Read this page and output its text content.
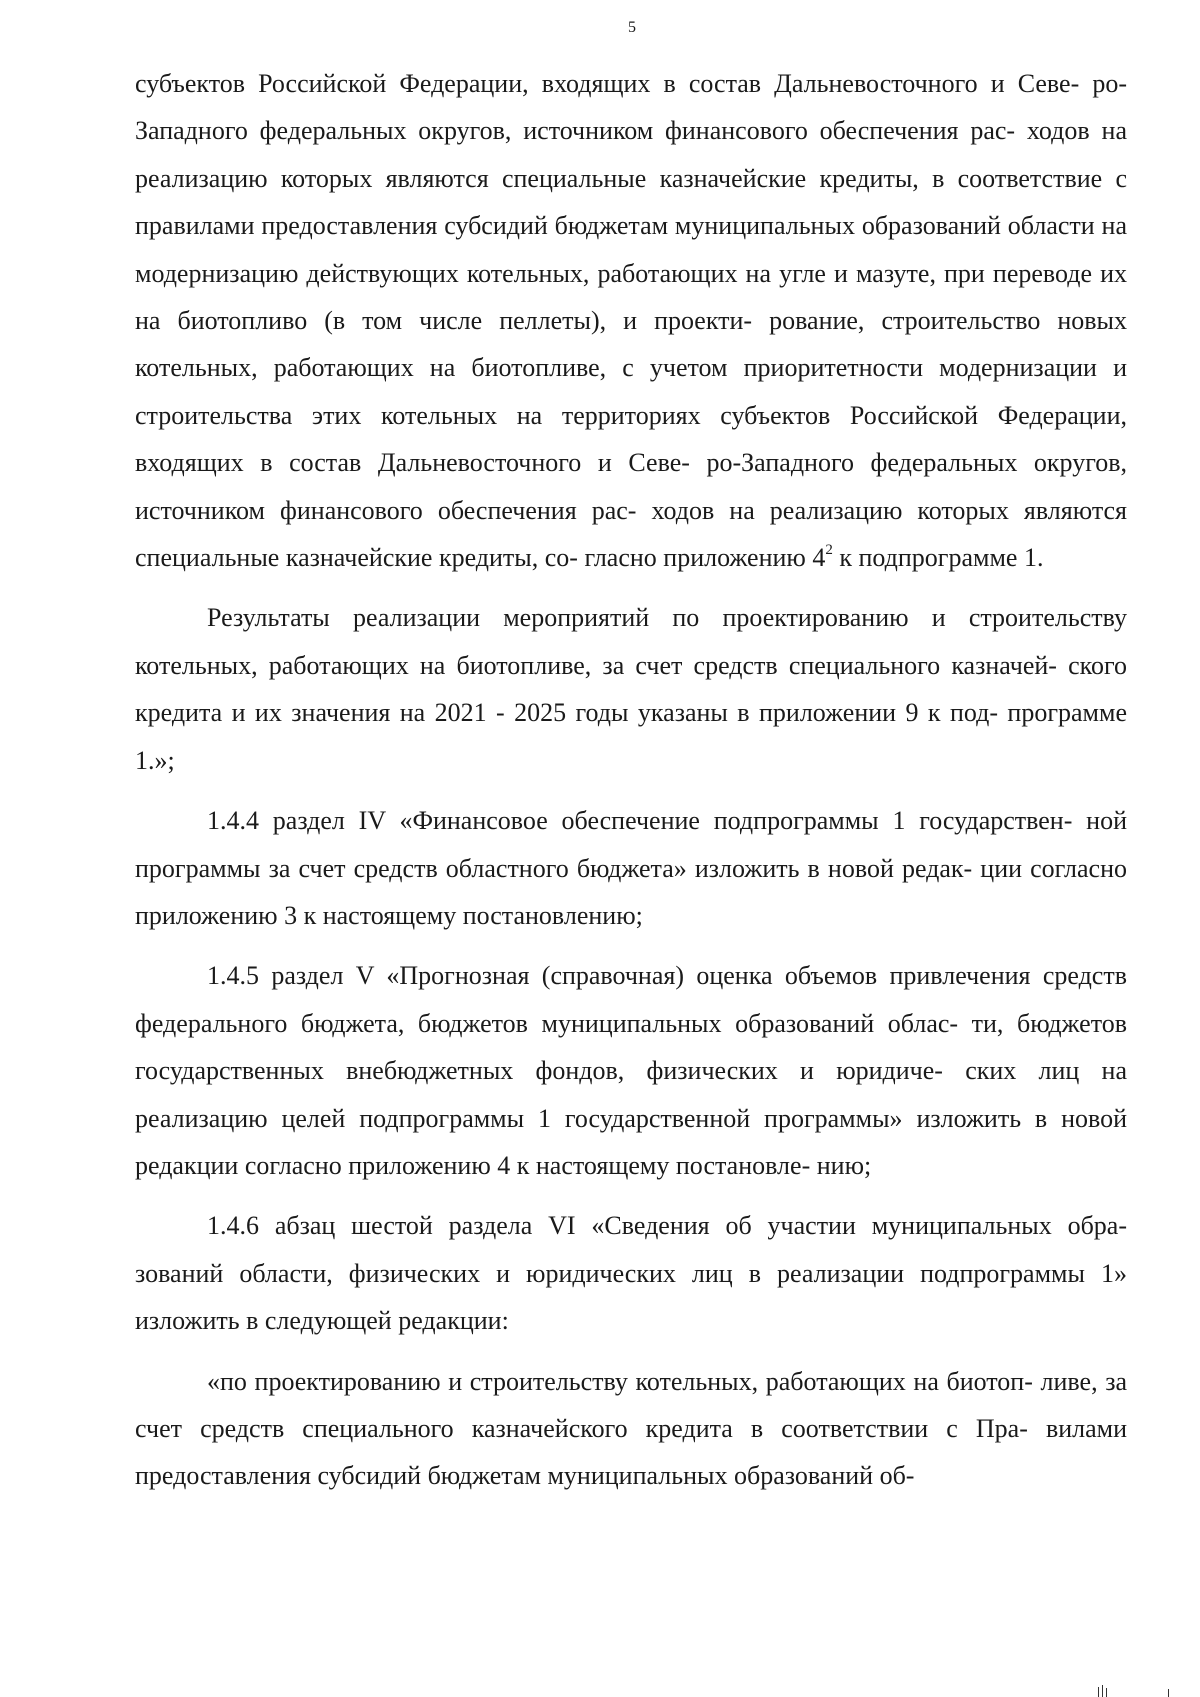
5

субъектов Российской Федерации, входящих в состав Дальневосточного и Севе- ро-Западного федеральных округов, источником финансового обеспечения рас- ходов на реализацию которых являются специальные казначейские кредиты, в соответствие с правилами предоставления субсидий бюджетам муниципальных образований области на модернизацию действующих котельных, работающих на угле и мазуте, при переводе их на биотопливо (в том числе пеллеты), и проекти- рование, строительство новых котельных, работающих на биотопливе, с учетом приоритетности модернизации и строительства этих котельных на территориях субъектов Российской Федерации, входящих в состав Дальневосточного и Севе- ро-Западного федеральных округов, источником финансового обеспечения рас- ходов на реализацию которых являются специальные казначейские кредиты, со- гласно приложению $4^2$ к подпрограмме 1.

Результаты реализации мероприятий по проектированию и строительству котельных, работающих на биотопливе, за счет средств специального казначей- ского кредита и их значения на 2021 - 2025 годы указаны в приложении 9 к под- программе 1.»;

1.4.4 раздел IV «Финансовое обеспечение подпрограммы 1 государствен- ной программы за счет средств областного бюджета» изложить в новой редак- ции согласно приложению 3 к настоящему постановлению;

1.4.5 раздел V «Прогнозная (справочная) оценка объемов привлечения средств федерального бюджета, бюджетов муниципальных образований облас- ти, бюджетов государственных внебюджетных фондов, физических и юридиче- ских лиц на реализацию целей подпрограммы 1 государственной программы» изложить в новой редакции согласно приложению 4 к настоящему постановле- нию;

1.4.6 абзац шестой раздела VI «Сведения об участии муниципальных обра- зований области, физических и юридических лиц в реализации подпрограммы 1» изложить в следующей редакции:

«по проектированию и строительству котельных, работающих на биотоп- ливе, за счет средств специального казначейского кредита в соответствии с Пра- вилами предоставления субсидий бюджетам муниципальных образований об-
